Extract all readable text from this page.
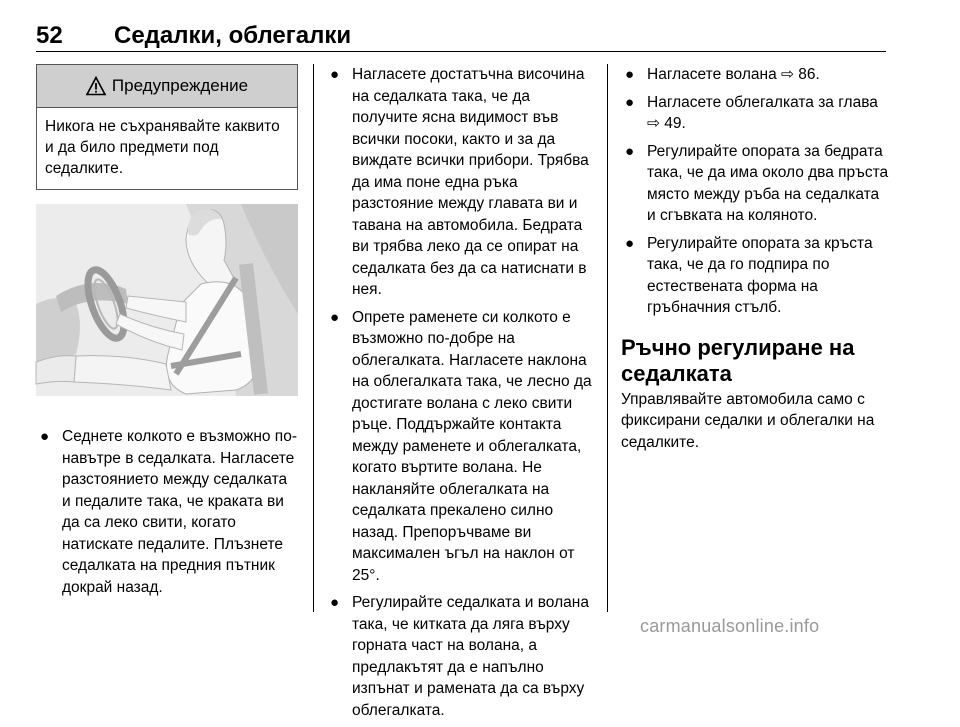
52 Седалки, облегалки
Предупреждение
Никога не съхранявайте каквито и да било предмети под седалките.
● Седнете колкото е възможно по-навътре в седалката. Нагласете разстоянието между седалката и педалите така, че краката ви да са леко свити, когато натискате педалите. Плъзнете седалката на предния пътник докрай назад.
● Нагласете достатъчна височина на седалката така, че да получите ясна видимост във всички посоки, както и за да виждате всички прибори. Трябва да има поне една ръка разстояние между главата ви и тавана на автомобила. Бедрата ви трябва леко да се опират на седалката без да са натиснати в нея.
● Опрете раменете си колкото е възможно по-добре на облегалката. Нагласете наклона на облегалката така, че лесно да достигате волана с леко свити ръце. Поддържайте контакта между раменете и облегалката, когато въртите волана. Не накланяйте облегалката на седалката прекалено силно назад. Препоръчваме ви максимален ъгъл на наклон от 25°.
● Регулирайте седалката и волана така, че китката да ляга върху горната част на волана, а предлакътят да е напълно изпънат и рамената да са върху облегалката.
● Нагласете волана ⇨ 86.
● Нагласете облегалката за глава ⇨ 49.
● Регулирайте опората за бедрата така, че да има около два пръста място между ръба на седалката и сгъвката на коляното.
● Регулирайте опората за кръста така, че да го подпира по естествената форма на гръбначния стълб.
Ръчно регулиране на седалката
Управлявайте автомобила само с фиксирани седалки и облегалки на седалките.
carmanualsonline.info
